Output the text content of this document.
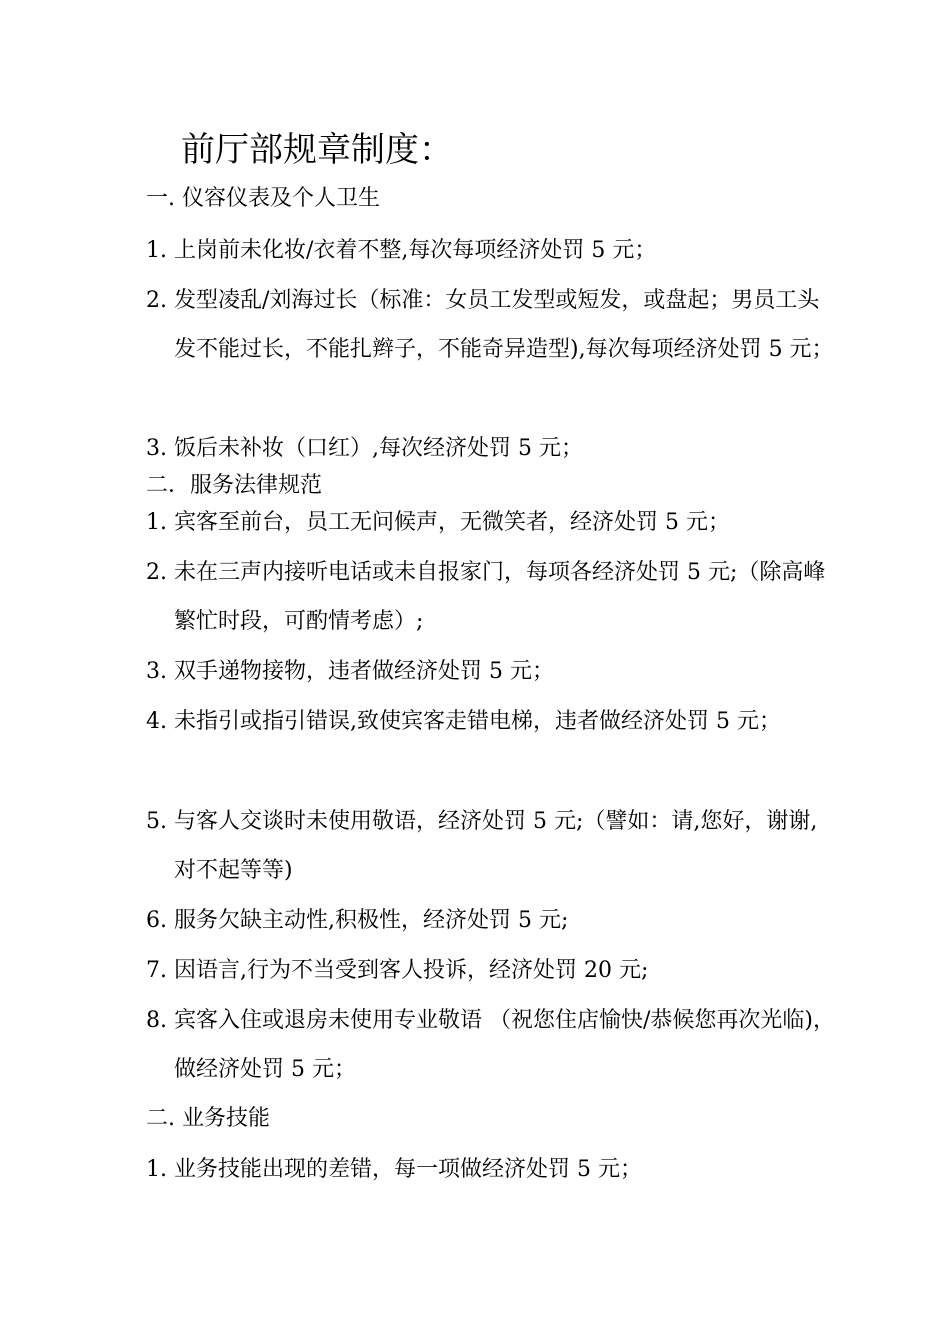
前厅部规章制度：
一. 仪容仪表及个人卫生
1. 上岗前未化妆/衣着不整,每次每项经济处罚 5 元；
2. 发型凌乱/刘海过长（标准：女员工发型或短发，或盘起；男员工头发不能过长，不能扎辫子，不能奇异造型),每次每项经济处罚 5 元；
3. 饭后未补妆（口红）,每次经济处罚 5 元；
二．服务法律规范
1. 宾客至前台，员工无问候声，无微笑者，经济处罚 5 元；
2. 未在三声内接听电话或未自报家门，每项各经济处罚 5 元;（除高峰繁忙时段，可酌情考虑）;
3. 双手递物接物，违者做经济处罚 5 元；
4. 未指引或指引错误,致使宾客走错电梯，违者做经济处罚 5 元；
5. 与客人交谈时未使用敬语，经济处罚 5 元;（譬如：请,您好，谢谢,对不起等等)
6. 服务欠缺主动性,积极性，经济处罚 5 元;
7. 因语言,行为不当受到客人投诉，经济处罚 20 元;
8. 宾客入住或退房未使用专业敬语 （祝您住店愉快/恭候您再次光临)，做经济处罚 5 元；
二. 业务技能
1. 业务技能出现的差错，每一项做经济处罚 5 元；
